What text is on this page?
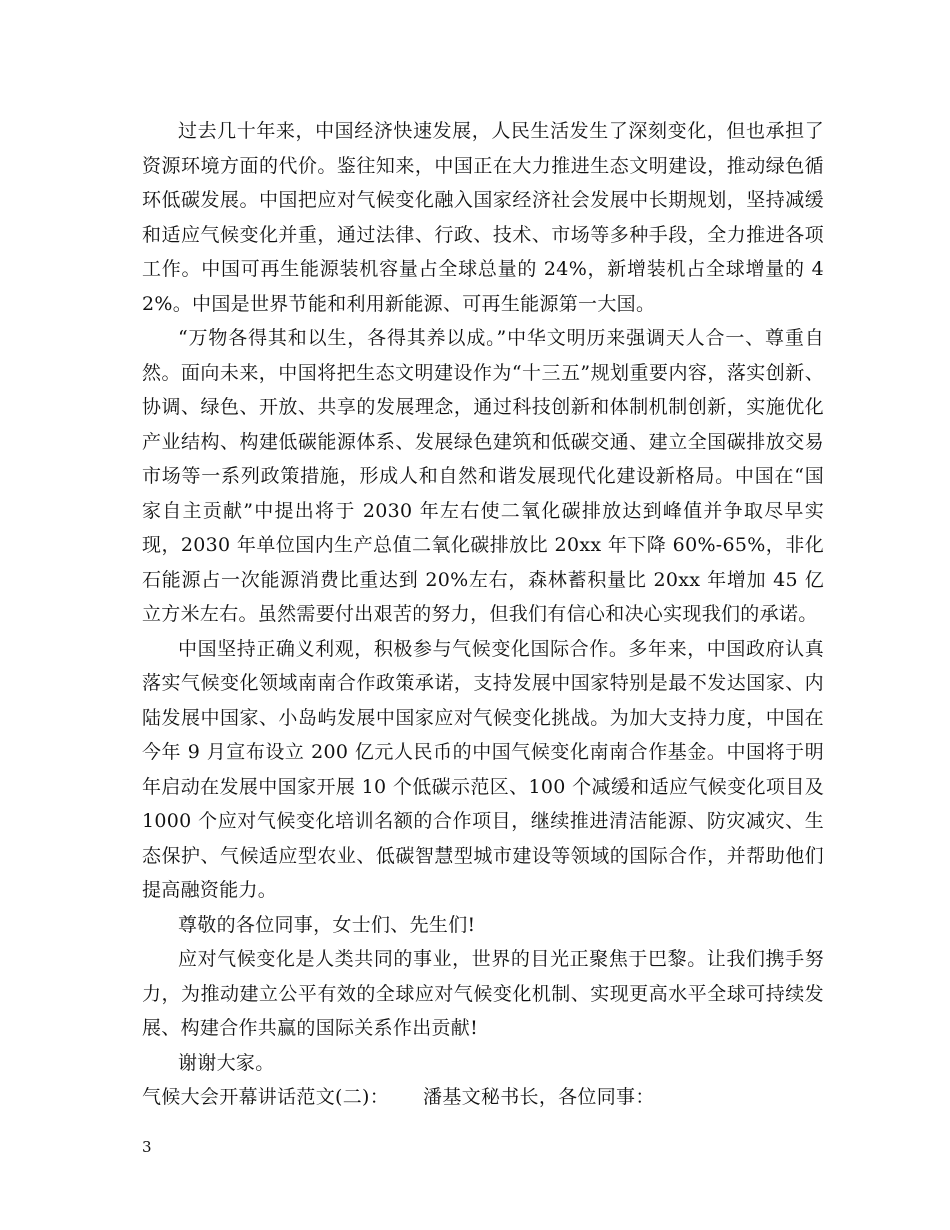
过去几十年来，中国经济快速发展，人民生活发生了深刻变化，但也承担了资源环境方面的代价。鉴往知来，中国正在大力推进生态文明建设，推动绿色循环低碳发展。中国把应对气候变化融入国家经济社会发展中长期规划，坚持减缓和适应气候变化并重，通过法律、行政、技术、市场等多种手段，全力推进各项工作。中国可再生能源装机容量占全球总量的 24%，新增装机占全球增量的 42%。中国是世界节能和利用新能源、可再生能源第一大国。

“万物各得其和以生，各得其养以成。”中华文明历来强调天人合一、尊重自然。面向未来，中国将把生态文明建设作为“十三五”规划重要内容，落实创新、协调、绿色、开放、共享的发展理念，通过科技创新和体制机制创新，实施优化产业结构、构建低碳能源体系、发展绿色建筑和低碳交通、建立全国碳排放交易市场等一系列政策措施，形成人和自然和谐发展现代化建设新格局。中国在“国家自主贡献”中提出将于 2030 年左右使二氧化碳排放达到峰值并争取尽早实现，2030 年单位国内生产总值二氧化碳排放比 20xx 年下降 60%-65%，非化石能源占一次能源消费比重达到 20%左右，森林蓄积量比 20xx 年增加 45 亿立方米左右。虽然需要付出艰苦的努力，但我们有信心和决心实现我们的承诺。

中国坚持正确义利观，积极参与气候变化国际合作。多年来，中国政府认真落实气候变化领域南南合作政策承诺，支持发展中国家特别是最不发达国家、内陆发展中国家、小岛屿发展中国家应对气候变化挑战。为加大支持力度，中国在今年 9 月宣布设立 200 亿元人民币的中国气候变化南南合作基金。中国将于明年启动在发展中国家开展 10 个低碳示范区、100 个减缓和适应气候变化项目及 1000 个应对气候变化培训名额的合作项目，继续推进清洁能源、防灾减灾、生态保护、气候适应型农业、低碳智慧型城市建设等领域的国际合作，并帮助他们提高融资能力。

尊敬的各位同事，女士们、先生们!

应对气候变化是人类共同的事业，世界的目光正聚焦于巴黎。让我们携手努力，为推动建立公平有效的全球应对气候变化机制、实现更高水平全球可持续发展、构建合作共赢的国际关系作出贡献!

谢谢大家。

气候大会开幕讲话范文(二)： 潘基文秘书长，各位同事：

3
